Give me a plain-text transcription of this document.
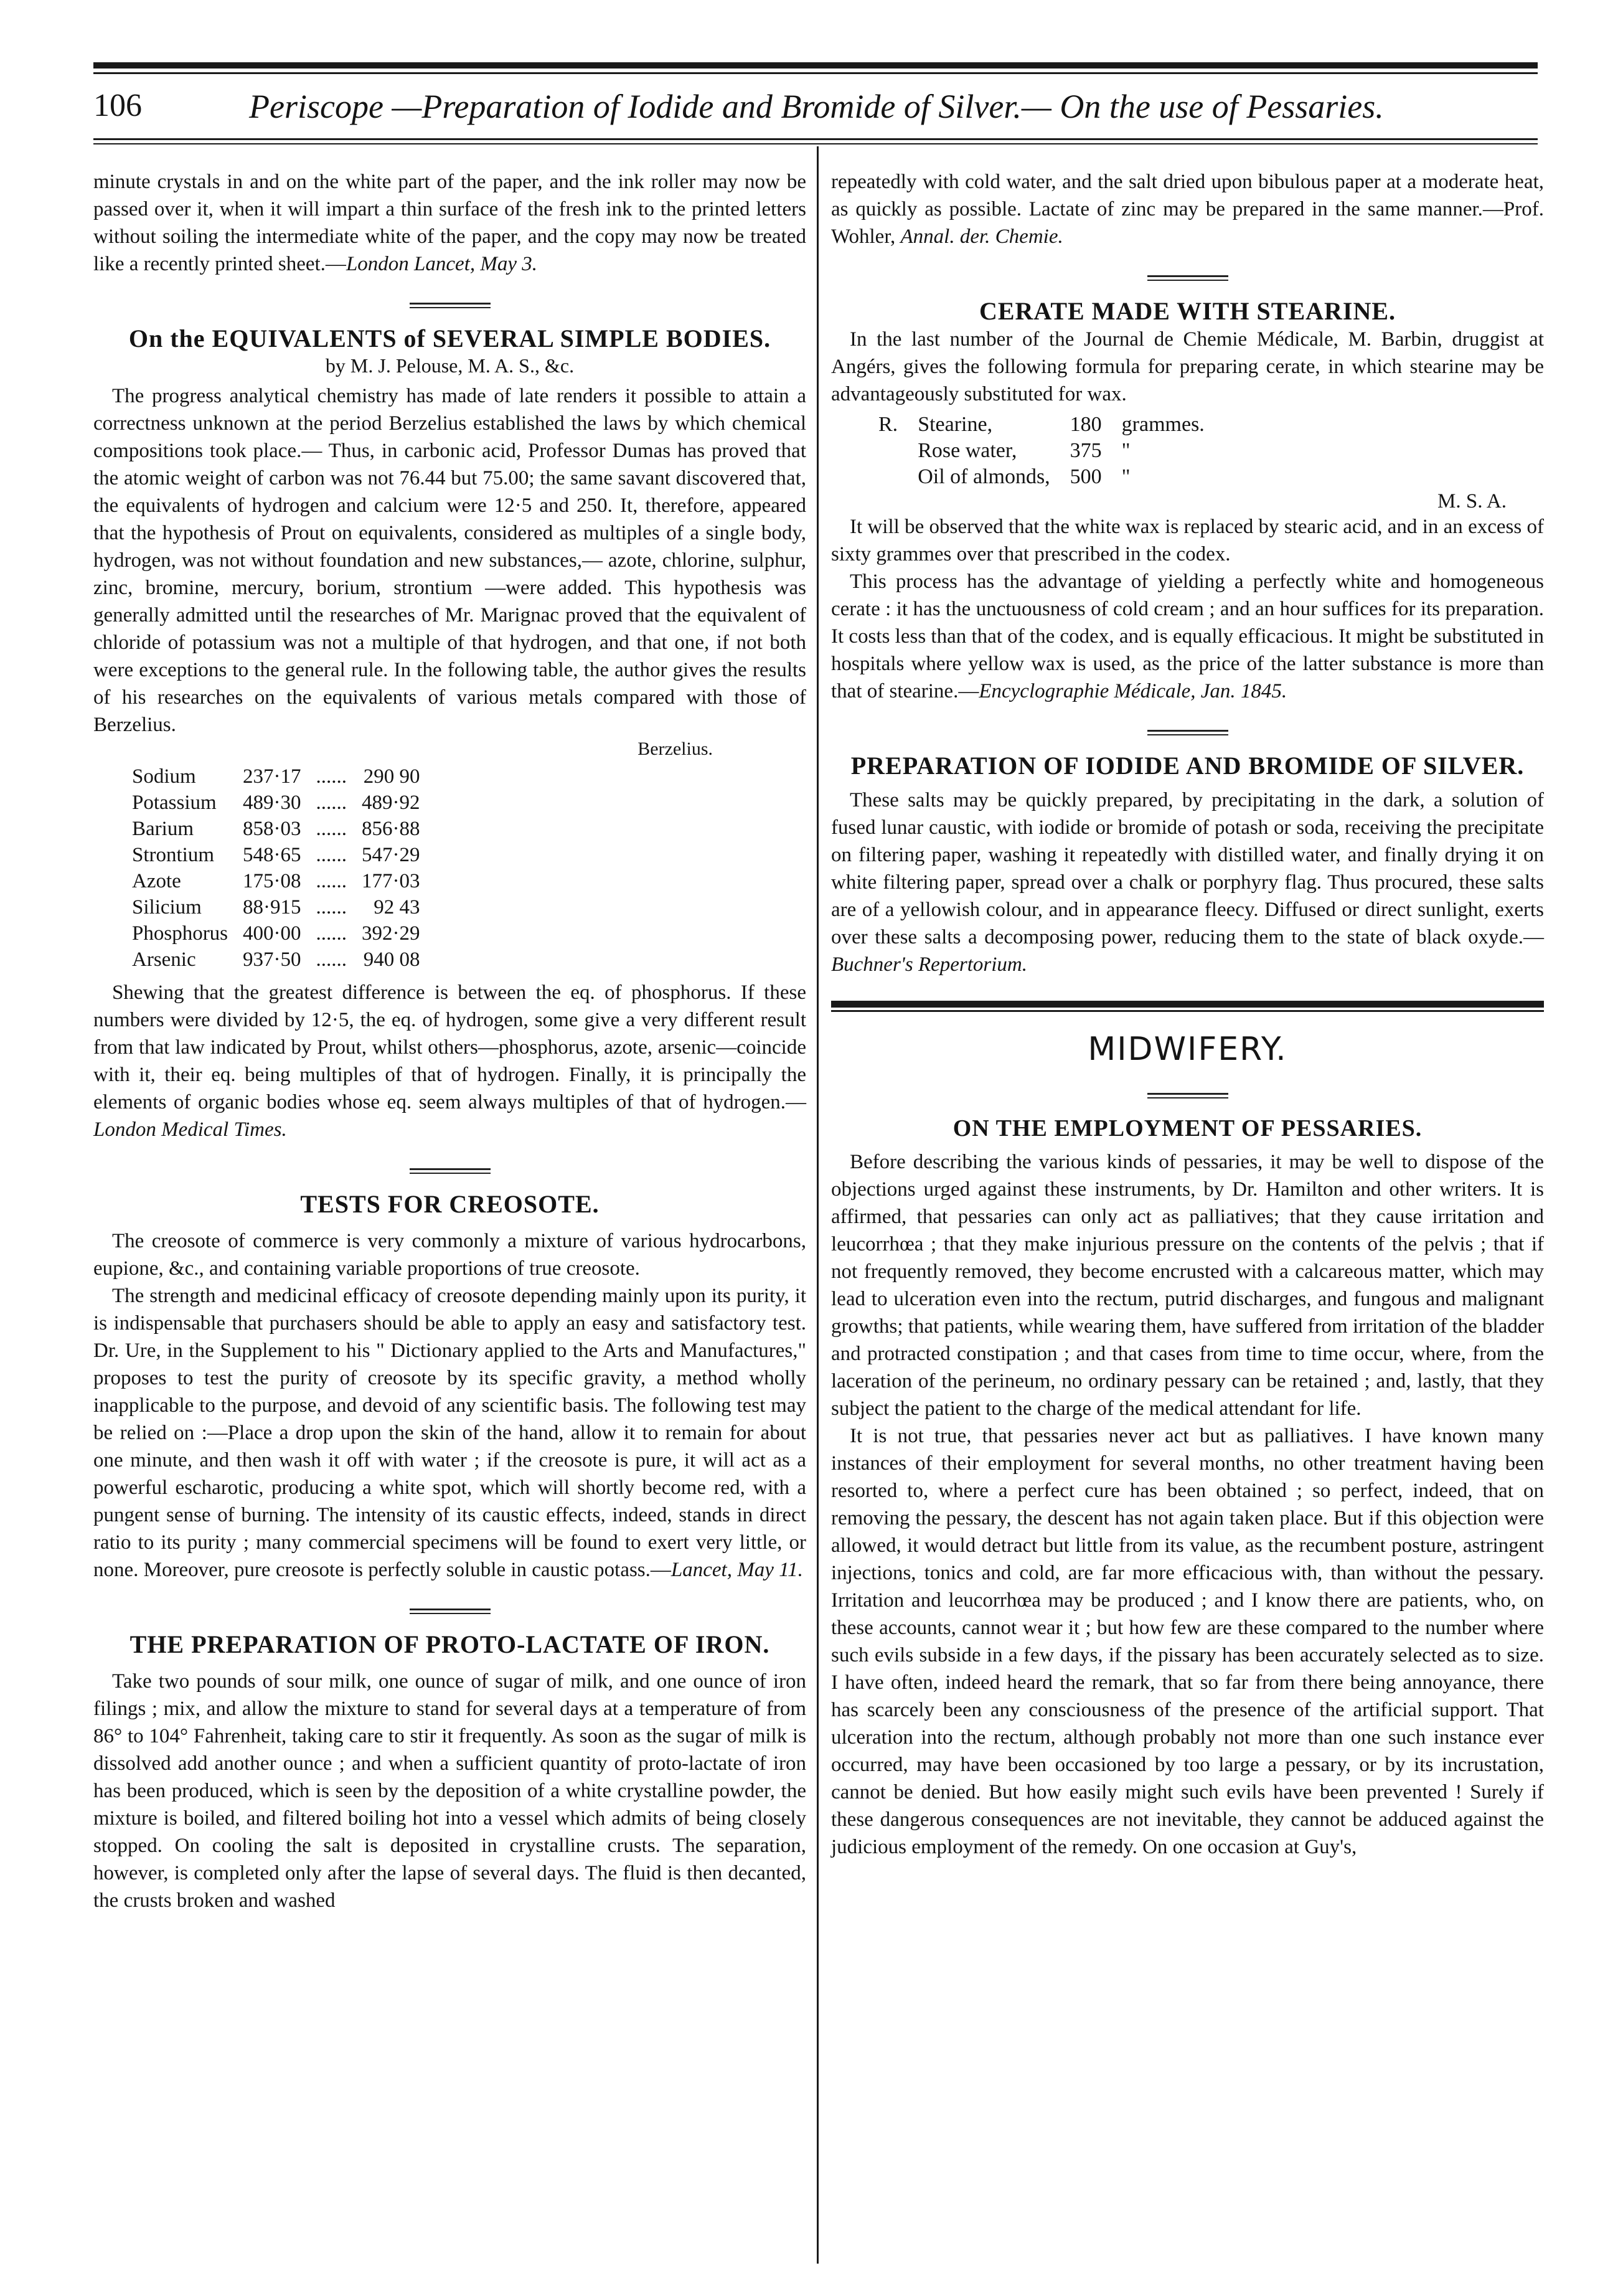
106	Periscope —Preparation of Iodide and Bromide of Silver.— On the use of Pessaries.

minute crystals in and on the white part of the paper, and the ink roller may now be passed over it, when it will impart a thin surface of the fresh ink to the printed letters without soiling the intermediate white of the paper, and the copy may now be treated like a recently printed sheet.—London Lancet, May 3.

On the EQUIVALENTS of SEVERAL SIMPLE BODIES.
by M. J. Pelouse, M. A. S., &c.

The progress analytical chemistry has made of late renders it possible to attain a correctness unknown at the period Berzelius established the laws by which chemical compositions took place.— Thus, in carbonic acid, Professor Dumas has proved that the atomic weight of carbon was not 76.44 but 75.00; the same savant discovered that, the equivalents of hydrogen and calcium were 12·5 and 250. It, therefore, appeared that the hypothesis of Prout on equivalents, considered as multiples of a single body, hydrogen, was not without foundation and new substances,— azote, chlorine, sulphur, zinc, bromine, mercury, borium, strontium —were added. This hypothesis was generally admitted until the researches of Mr. Marignac proved that the equivalent of chloride of potassium was not a multiple of that hydrogen, and that one, if not both were exceptions to the general rule. In the following table, the author gives the results of his researches on the equivalents of various metals compared with those of Berzelius.

Berzelius.
Sodium	237·17	......	290 90
Potassium	489·30	......	489·92
Barium	858·03	......	856·88
Strontium	548·65	......	547·29
Azote	175·08	......	177·03
Silicium	88·915	......	92 43
Phosphorus	400·00	......	392·29
Arsenic	937·50	......	940 08

Shewing that the greatest difference is between the eq. of phosphorus. If these numbers were divided by 12·5, the eq. of hydrogen, some give a very different result from that law indicated by Prout, whilst others—phosphorus, azote, arsenic—coincide with it, their eq. being multiples of that of hydrogen. Finally, it is principally the elements of organic bodies whose eq. seem always multiples of that of hydrogen.—London Medical Times.

TESTS FOR CREOSOTE.

The creosote of commerce is very commonly a mixture of various hydrocarbons, eupione, &c., and containing variable proportions of true creosote.

The strength and medicinal efficacy of creosote depending mainly upon its purity, it is indispensable that purchasers should be able to apply an easy and satisfactory test. Dr. Ure, in the Supplement to his " Dictionary applied to the Arts and Manufactures," proposes to test the purity of creosote by its specific gravity, a method wholly inapplicable to the purpose, and devoid of any scientific basis. The following test may be relied on :—Place a drop upon the skin of the hand, allow it to remain for about one minute, and then wash it off with water ; if the creosote is pure, it will act as a powerful escharotic, producing a white spot, which will shortly become red, with a pungent sense of burning. The intensity of its caustic effects, indeed, stands in direct ratio to its purity ; many commercial specimens will be found to exert very little, or none. Moreover, pure creosote is perfectly soluble in caustic potass.—Lancet, May 11.

THE PREPARATION OF PROTO-LACTATE OF IRON.

Take two pounds of sour milk, one ounce of sugar of milk, and one ounce of iron filings ; mix, and allow the mixture to stand for several days at a temperature of from 86° to 104° Fahrenheit, taking care to stir it frequently. As soon as the sugar of milk is dissolved add another ounce ; and when a sufficient quantity of proto-lactate of iron has been produced, which is seen by the deposition of a white crystalline powder, the mixture is boiled, and filtered boiling hot into a vessel which admits of being closely stopped. On cooling the salt is deposited in crystalline crusts. The separation, however, is completed only after the lapse of several days. The fluid is then decanted, the crusts broken and washed

repeatedly with cold water, and the salt dried upon bibulous paper at a moderate heat, as quickly as possible. Lactate of zinc may be prepared in the same manner.—Prof. Wohler, Annal. der. Chemie.

CERATE MADE WITH STEARINE.

In the last number of the Journal de Chemie Médicale, M. Barbin, druggist at Angérs, gives the following formula for preparing cerate, in which stearine may be advantageously substituted for wax.

R.	Stearine,	180	grammes.
	Rose water,	375	"
	Oil of almonds,	500	"

M. S. A.

It will be observed that the white wax is replaced by stearic acid, and in an excess of sixty grammes over that prescribed in the codex.

This process has the advantage of yielding a perfectly white and homogeneous cerate : it has the unctuousness of cold cream ; and an hour suffices for its preparation. It costs less than that of the codex, and is equally efficacious. It might be substituted in hospitals where yellow wax is used, as the price of the latter substance is more than that of stearine.—Encyclographie Médicale, Jan. 1845.

PREPARATION OF IODIDE AND BROMIDE OF SILVER.

These salts may be quickly prepared, by precipitating in the dark, a solution of fused lunar caustic, with iodide or bromide of potash or soda, receiving the precipitate on filtering paper, washing it repeatedly with distilled water, and finally drying it on white filtering paper, spread over a chalk or porphyry flag. Thus procured, these salts are of a yellowish colour, and in appearance fleecy. Diffused or direct sunlight, exerts over these salts a decomposing power, reducing them to the state of black oxyde.—Buchner's Repertorium.

MIDWIFERY.
ON THE EMPLOYMENT OF PESSARIES.

Before describing the various kinds of pessaries, it may be well to dispose of the objections urged against these instruments, by Dr. Hamilton and other writers. It is affirmed, that pessaries can only act as palliatives; that they cause irritation and leucorrhœa ; that they make injurious pressure on the contents of the pelvis ; that if not frequently removed, they become encrusted with a calcareous matter, which may lead to ulceration even into the rectum, putrid discharges, and fungous and malignant growths; that patients, while wearing them, have suffered from irritation of the bladder and protracted constipation ; and that cases from time to time occur, where, from the laceration of the perineum, no ordinary pessary can be retained ; and, lastly, that they subject the patient to the charge of the medical attendant for life.

It is not true, that pessaries never act but as palliatives. I have known many instances of their employment for several months, no other treatment having been resorted to, where a perfect cure has been obtained ; so perfect, indeed, that on removing the pessary, the descent has not again taken place. But if this objection were allowed, it would detract but little from its value, as the recumbent posture, astringent injections, tonics and cold, are far more efficacious with, than without the pessary. Irritation and leucorrhœa may be produced ; and I know there are patients, who, on these accounts, cannot wear it ; but how few are these compared to the number where such evils subside in a few days, if the pissary has been accurately selected as to size. I have often, indeed heard the remark, that so far from there being annoyance, there has scarcely been any consciousness of the presence of the artificial support. That ulceration into the rectum, although probably not more than one such instance ever occurred, may have been occasioned by too large a pessary, or by its incrustation, cannot be denied. But how easily might such evils have been prevented ! Surely if these dangerous consequences are not inevitable, they cannot be adduced against the judicious employment of the remedy. On one occasion at Guy's,
